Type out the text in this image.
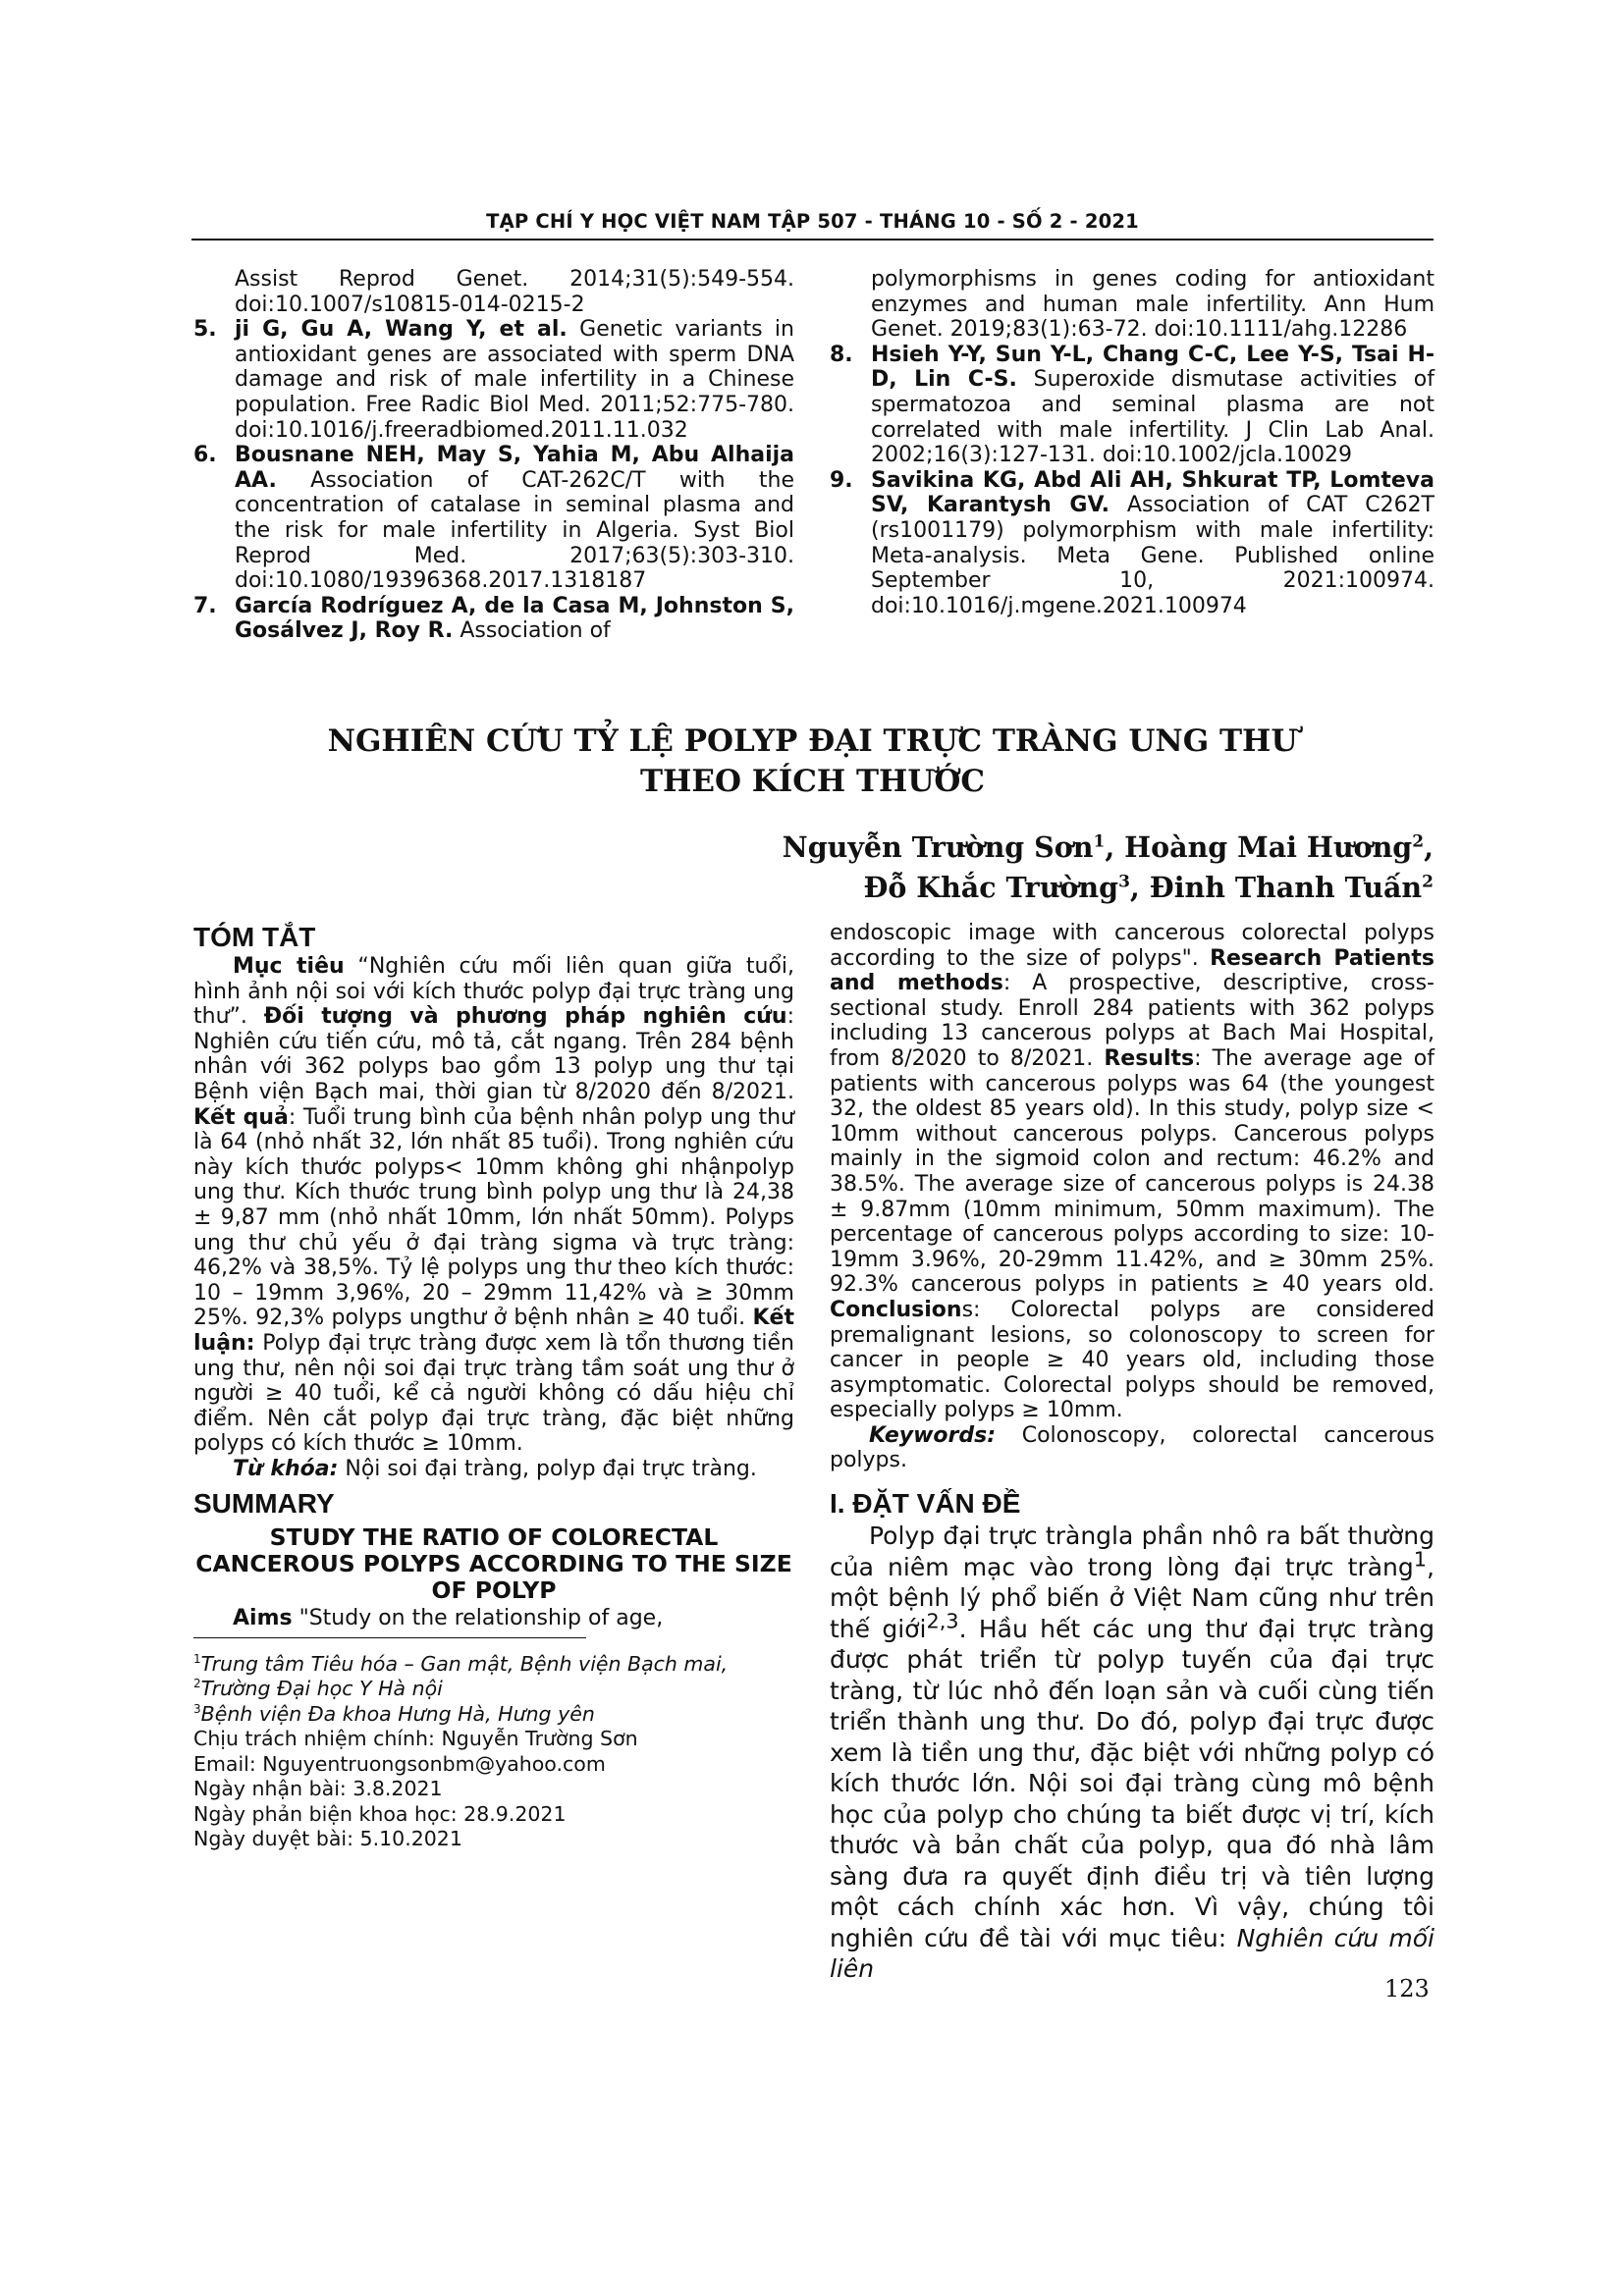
TẠP CHÍ Y HỌC VIỆT NAM TẬP 507 - THÁNG 10 - SỐ 2 - 2021
Assist Reprod Genet. 2014;31(5):549-554. doi:10.1007/s10815-014-0215-2
5. ji G, Gu A, Wang Y, et al. Genetic variants in antioxidant genes are associated with sperm DNA damage and risk of male infertility in a Chinese population. Free Radic Biol Med. 2011;52:775-780. doi:10.1016/j.freeradbiomed.2011.11.032
6. Bousnane NEH, May S, Yahia M, Abu Alhaija AA. Association of CAT-262C/T with the concentration of catalase in seminal plasma and the risk for male infertility in Algeria. Syst Biol Reprod Med. 2017;63(5):303-310. doi:10.1080/19396368.2017.1318187
7. García Rodríguez A, de la Casa M, Johnston S, Gosálvez J, Roy R. Association of
polymorphisms in genes coding for antioxidant enzymes and human male infertility. Ann Hum Genet. 2019;83(1):63-72. doi:10.1111/ahg.12286
8. Hsieh Y-Y, Sun Y-L, Chang C-C, Lee Y-S, Tsai H-D, Lin C-S. Superoxide dismutase activities of spermatozoa and seminal plasma are not correlated with male infertility. J Clin Lab Anal. 2002;16(3):127-131. doi:10.1002/jcla.10029
9. Savikina KG, Abd Ali AH, Shkurat TP, Lomteva SV, Karantysh GV. Association of CAT C262T (rs1001179) polymorphism with male infertility: Meta-analysis. Meta Gene. Published online September 10, 2021:100974. doi:10.1016/j.mgene.2021.100974
NGHIÊN CỨU TỶ LỆ POLYP ĐẠI TRỰC TRÀNG UNG THƯ
THEO KÍCH THƯỚC
Nguyễn Trường Sơn$^1$, Hoàng Mai Hương$^2$,
Đỗ Khắc Trường$^3$, Đinh Thanh Tuấn$^2$
TÓM TẮT

Mục tiêu “Nghiên cứu mối liên quan giữa tuổi, hình ảnh nội soi với kích thước polyp đại trực tràng ung thư”. Đối tượng và phương pháp nghiên cứu: Nghiên cứu tiến cứu, mô tả, cắt ngang. Trên 284 bệnh nhân với 362 polyps bao gồm 13 polyp ung thư tại Bệnh viện Bạch mai, thời gian từ 8/2020 đến 8/2021. Kết quả: Tuổi trung bình của bệnh nhân polyp ung thư là 64 (nhỏ nhất 32, lớn nhất 85 tuổi). Trong nghiên cứu này kích thước polyps< 10mm không ghi nhậnpolyp ung thư. Kích thước trung bình polyp ung thư là 24,38 ± 9,87 mm (nhỏ nhất 10mm, lớn nhất 50mm). Polyps ung thư chủ yếu ở đại tràng sigma và trực tràng: 46,2% và 38,5%. Tỷ lệ polyps ung thư theo kích thước: 10 – 19mm 3,96%, 20 – 29mm 11,42% và ≥ 30mm 25%. 92,3% polyps ungthư ở bệnh nhân ≥ 40 tuổi. Kết luận: Polyp đại trực tràng được xem là tổn thương tiền ung thư, nên nội soi đại trực tràng tầm soát ung thư ở người ≥ 40 tuổi, kể cả người không có dấu hiệu chỉ điểm. Nên cắt polyp đại trực tràng, đặc biệt những polyps có kích thước ≥ 10mm.

Từ khóa: Nội soi đại tràng, polyp đại trực tràng.

SUMMARY
STUDY THE RATIO OF COLORECTAL CANCEROUS POLYPS ACCORDING TO THE SIZE OF POLYP

Aims "Study on the relationship of age,

$^1$Trung tâm Tiêu hóa – Gan mật, Bệnh viện Bạch mai,
$^2$Trường Đại học Y Hà nội
$^3$Bệnh viện Đa khoa Hưng Hà, Hưng yên
Chịu trách nhiệm chính: Nguyễn Trường Sơn
Email: Nguyentruongsonbm@yahoo.com
Ngày nhận bài: 3.8.2021
Ngày phản biện khoa học: 28.9.2021
Ngày duyệt bài: 5.10.2021

endoscopic image with cancerous colorectal polyps according to the size of polyps". Research Patients and methods: A prospective, descriptive, cross-sectional study. Enroll 284 patients with 362 polyps including 13 cancerous polyps at Bach Mai Hospital, from 8/2020 to 8/2021. Results: The average age of patients with cancerous polyps was 64 (the youngest 32, the oldest 85 years old). In this study, polyp size < 10mm without cancerous polyps. Cancerous polyps mainly in the sigmoid colon and rectum: 46.2% and 38.5%. The average size of cancerous polyps is 24.38 ± 9.87mm (10mm minimum, 50mm maximum). The percentage of cancerous polyps according to size: 10-19mm 3.96%, 20-29mm 11.42%, and ≥ 30mm 25%. 92.3% cancerous polyps in patients ≥ 40 years old. Conclusions: Colorectal polyps are considered premalignant lesions, so colonoscopy to screen for cancer in people ≥ 40 years old, including those asymptomatic. Colorectal polyps should be removed, especially polyps ≥ 10mm.

Keywords: Colonoscopy, colorectal cancerous polyps.

I. ĐẶT VẤN ĐỀ

Polyp đại trực tràngla phần nhô ra bất thường của niêm mạc vào trong lòng đại trực tràng$^1$, một bệnh lý phổ biến ở Việt Nam cũng như trên thế giới$^{2,3}$. Hầu hết các ung thư đại trực tràng được phát triển từ polyp tuyến của đại trực tràng, từ lúc nhỏ đến loạn sản và cuối cùng tiến triển thành ung thư. Do đó, polyp đại trực được xem là tiền ung thư, đặc biệt với những polyp có kích thước lớn. Nội soi đại tràng cùng mô bệnh học của polyp cho chúng ta biết được vị trí, kích thước và bản chất của polyp, qua đó nhà lâm sàng đưa ra quyết định điều trị và tiên lượng một cách chính xác hơn. Vì vậy, chúng tôi nghiên cứu đề tài với mục tiêu: Nghiên cứu mối liên

123
